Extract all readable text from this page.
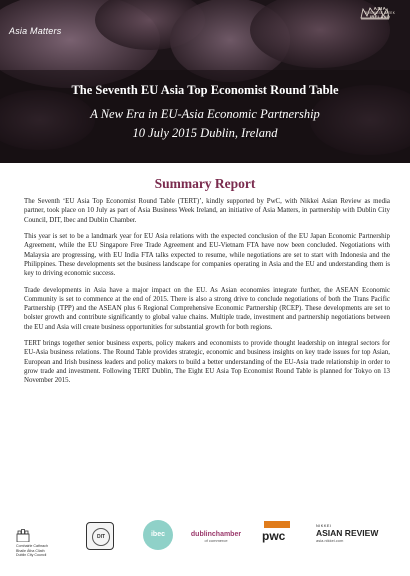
Asia Matters
ASIA
BUSINESS WEEK
IRELAND
The Seventh EU Asia Top Economist Round Table
A New Era in EU-Asia Economic Partnership
10 July 2015 Dublin, Ireland
Summary Report

The Seventh ‘EU Asia Top Economist Round Table (TERT)’, kindly supported by PwC, with Nikkei Asian Review as media partner, took place on 10 July as part of Asia Business Week Ireland, an initiative of Asia Matters, in partnership with Dublin City Council, DIT, Ibec and Dublin Chamber.

This year is set to be a landmark year for EU Asia relations with the expected conclusion of the EU Japan Economic Partnership Agreement, while the EU Singapore Free Trade Agreement and EU-Vietnam FTA have now been concluded. Negotiations with Malaysia are progressing, with EU India FTA talks expected to resume, while negotiations are set to start with Indonesia and the Philippines. These developments set the business landscape for companies operating in Asia and the EU and understanding them is key to driving economic success.

Trade developments in Asia have a major impact on the EU. As Asian economies integrate further, the ASEAN Economic Community is set to commence at the end of 2015. There is also a strong drive to conclude negotiations of both the Trans Pacific Partnership (TPP) and the ASEAN plus 6 Regional Comprehensive Economic Partnership (RCEP). These developments are set to bolster growth and contribute significantly to global value chains. Multiple trade, investment and partnership negotiations between the EU and Asia will create business opportunities for substantial growth for both regions.

TERT brings together senior business experts, policy makers and economists to provide thought leadership on integral sectors for EU-Asia business relations. The Round Table provides strategic, economic and business insights on key trade issues for top Asian, European and Irish business leaders and policy makers to build a better understanding of the EU-Asia trade relationship in order to grow trade and investment. Following TERT Dublin, The Eight EU Asia Top Economist Round Table is planned for Tokyo on 13 November 2015.

Comhairle Cathrach
Bhaile Átha Cliath
Dublin City Council
DIT	ibec	dublinchamber
of commerce	pwc
NIKKEI
ASIAN REVIEW
asia.nikkei.com
